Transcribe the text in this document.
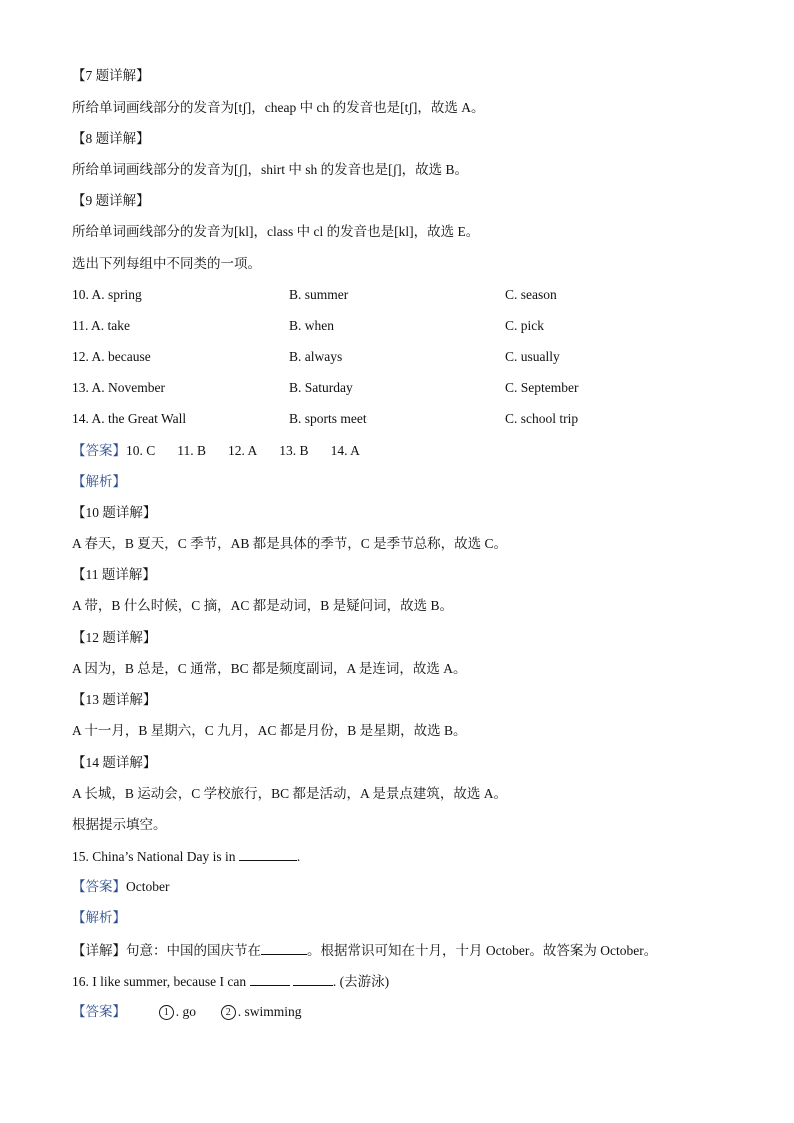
【7 题详解】
所给单词画线部分的发音为[tʃ]，cheap 中 ch 的发音也是[tʃ]，故选 A。
【8 题详解】
所给单词画线部分的发音为[ʃ]，shirt 中 sh 的发音也是[ʃ]，故选 B。
【9 题详解】
所给单词画线部分的发音为[kl]，class 中 cl 的发音也是[kl]，故选 E。
选出下列每组中不同类的一项。
10. A. spring	B. summer	C. season
11. A. take	B. when	C. pick
12. A. because	B. always	C. usually
13. A. November	B. Saturday	C. September
14. A. the Great Wall	B. sports meet	C. school trip
【答案】10. C 11. B 12. A 13. B 14. A
【解析】
【10 题详解】
A 春天，B 夏天，C 季节，AB 都是具体的季节，C 是季节总称，故选 C。
【11 题详解】
A 带，B 什么时候，C 摘，AC 都是动词，B 是疑问词，故选 B。
【12 题详解】
A 因为，B 总是，C 通常，BC 都是频度副词，A 是连词，故选 A。
【13 题详解】
A 十一月，B 星期六，C 九月，AC 都是月份，B 是星期，故选 B。
【14 题详解】
A 长城，B 运动会，C 学校旅行，BC 都是活动，A 是景点建筑，故选 A。
根据提示填空。
15. China’s National Day is in	.
【答案】October
【解析】
【详解】句意：中国的国庆节在	。根据常识可知在十月，十月 October。故答案为 October。
16. I like summer, because I can	. (去游泳)
【答案】	1 . go	2 . swimming
